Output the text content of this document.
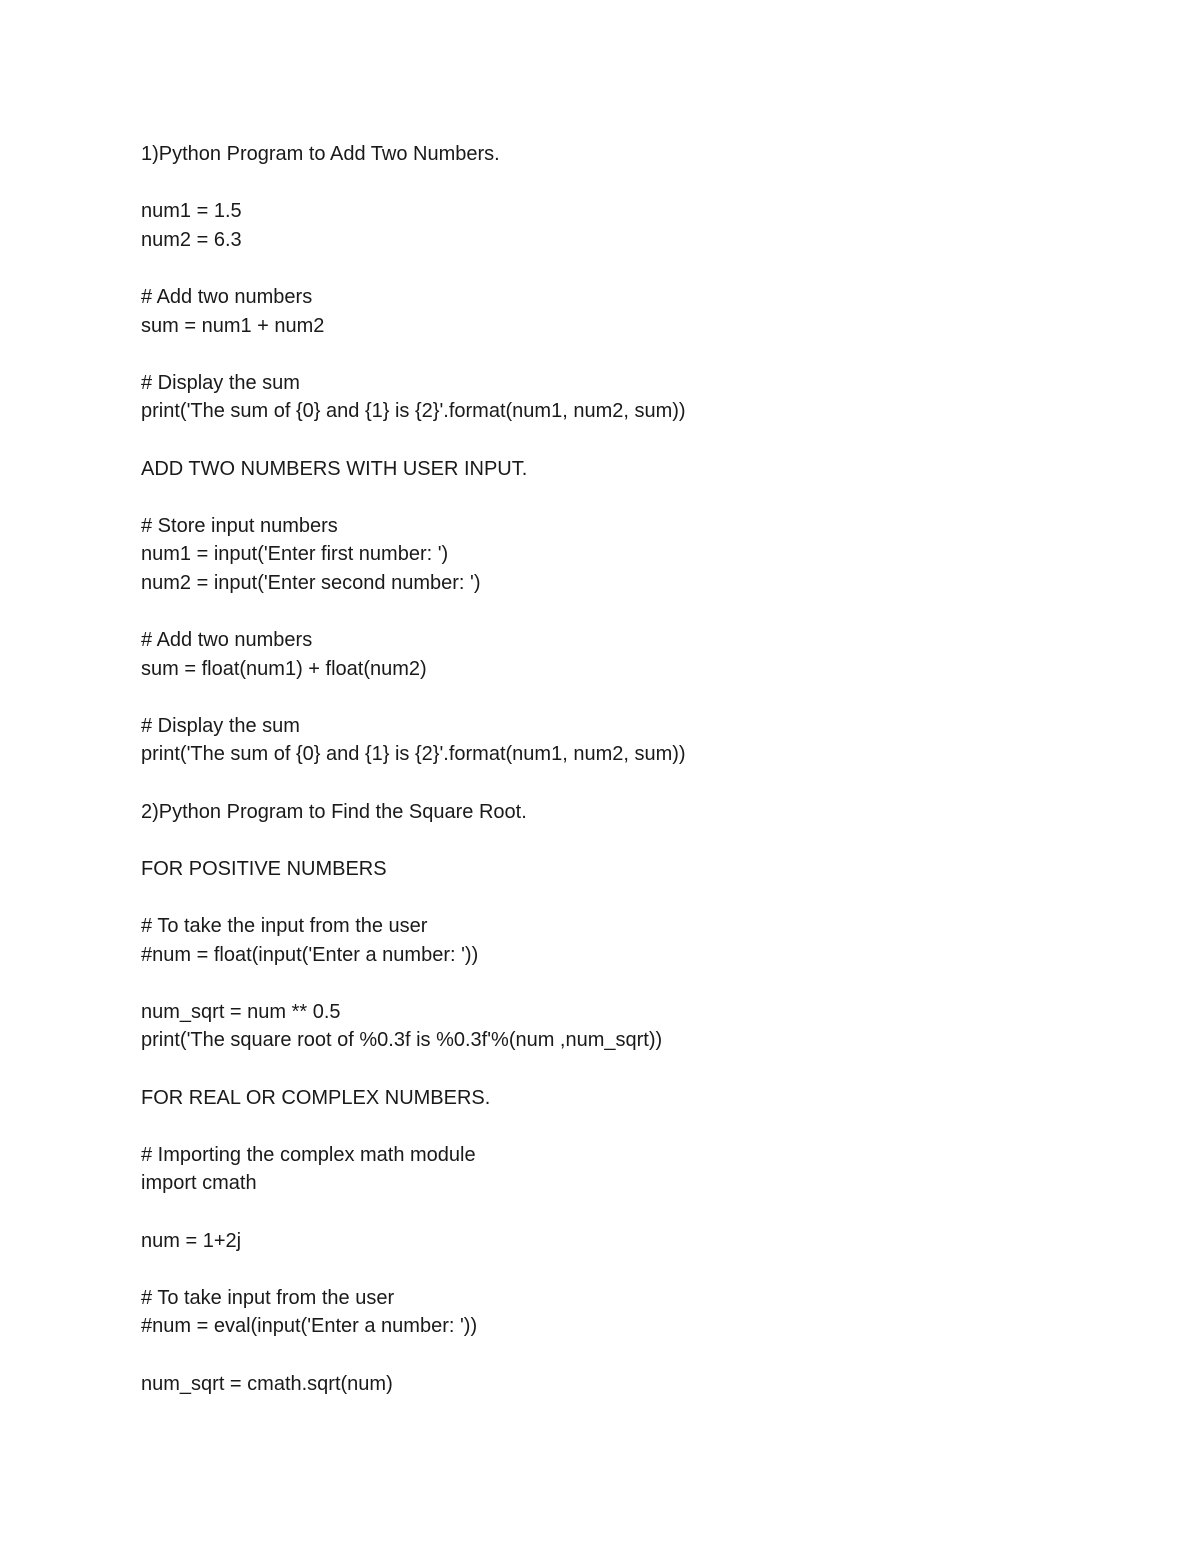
1)Python Program to Add Two Numbers.
num1 = 1.5
num2 = 6.3
# Add two numbers
sum = num1 + num2
# Display the sum
print('The sum of {0} and {1} is {2}'.format(num1, num2, sum))
ADD TWO NUMBERS WITH USER INPUT.
# Store input numbers
num1 = input('Enter first number: ')
num2 = input('Enter second number: ')
# Add two numbers
sum = float(num1) + float(num2)
# Display the sum
print('The sum of {0} and {1} is {2}'.format(num1, num2, sum))
2)Python Program to Find the Square Root.
FOR POSITIVE NUMBERS
# To take the input from the user
#num = float(input('Enter a number: '))
num_sqrt = num ** 0.5
print('The square root of %0.3f is %0.3f'%(num ,num_sqrt))
FOR REAL OR COMPLEX NUMBERS.
# Importing the complex math module
import cmath
num = 1+2j
# To take input from the user
#num = eval(input('Enter a number: '))
num_sqrt = cmath.sqrt(num)
